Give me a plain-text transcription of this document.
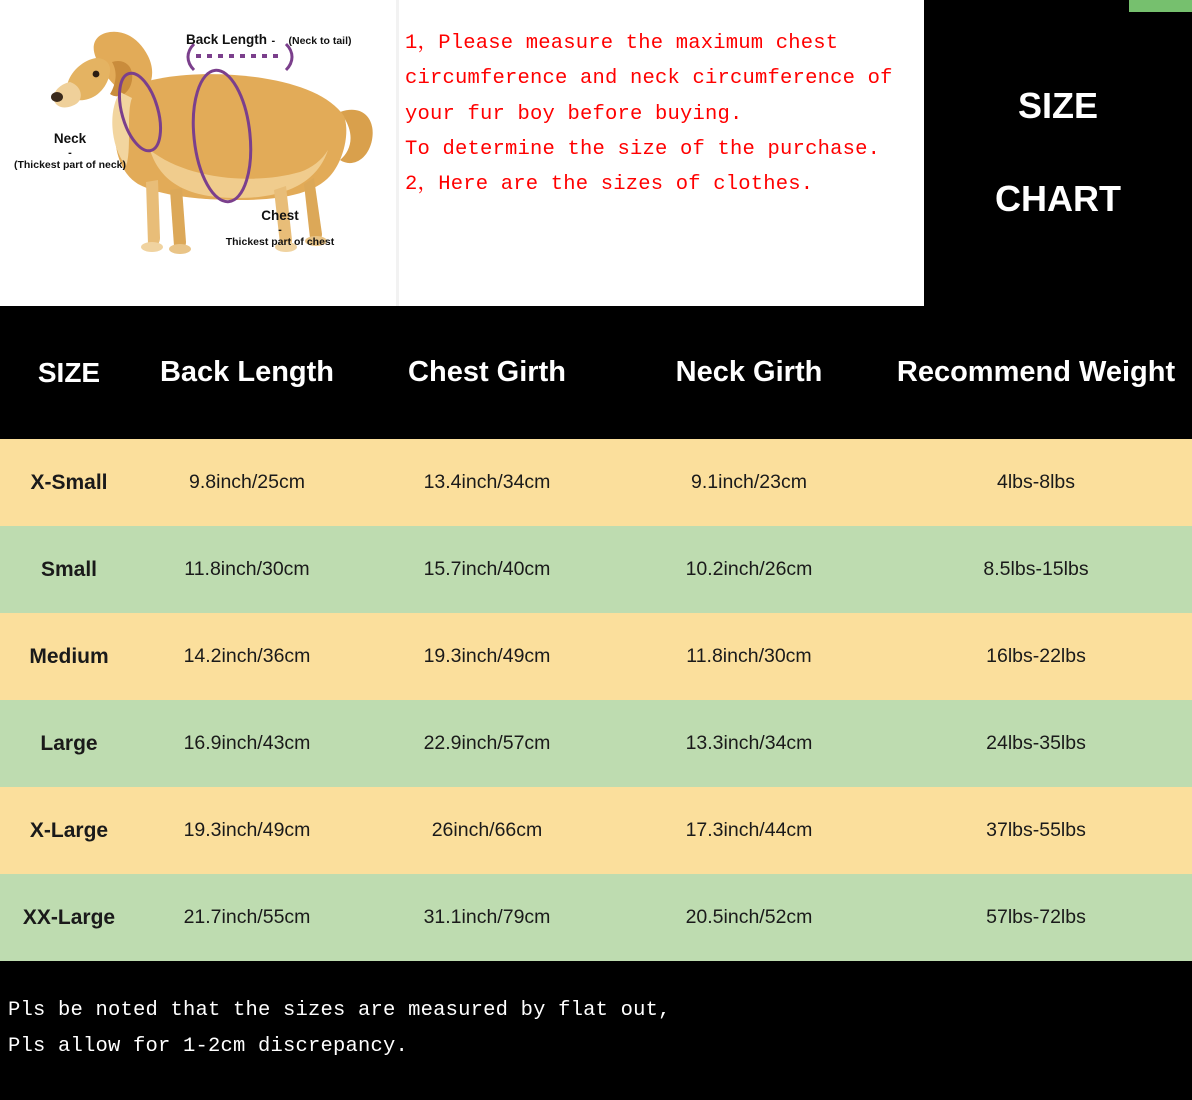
Back Length - (Neck to tail)
Neck
-
(Thickest part of neck)
Chest
-
Thickest part of chest

1，Please measure the maximum chest circumference and neck circumference of your fur boy before buying.

To determine the size of the purchase.

2，Here are the sizes of clothes.

SIZE

CHART
SIZE	Back Length	Chest Girth	Neck Girth	Recommend Weight
X-Small	9.8inch/25cm	13.4inch/34cm	9.1inch/23cm	4lbs-8lbs
Small	11.8inch/30cm	15.7inch/40cm	10.2inch/26cm	8.5lbs-15lbs
Medium	14.2inch/36cm	19.3inch/49cm	11.8inch/30cm	16lbs-22lbs
Large	16.9inch/43cm	22.9inch/57cm	13.3inch/34cm	24lbs-35lbs
X-Large	19.3inch/49cm	26inch/66cm	17.3inch/44cm	37lbs-55lbs
XX-Large	21.7inch/55cm	31.1inch/79cm	20.5inch/52cm	57lbs-72lbs

Pls be noted that the sizes are measured by flat out,

Pls allow for 1-2cm discrepancy.
